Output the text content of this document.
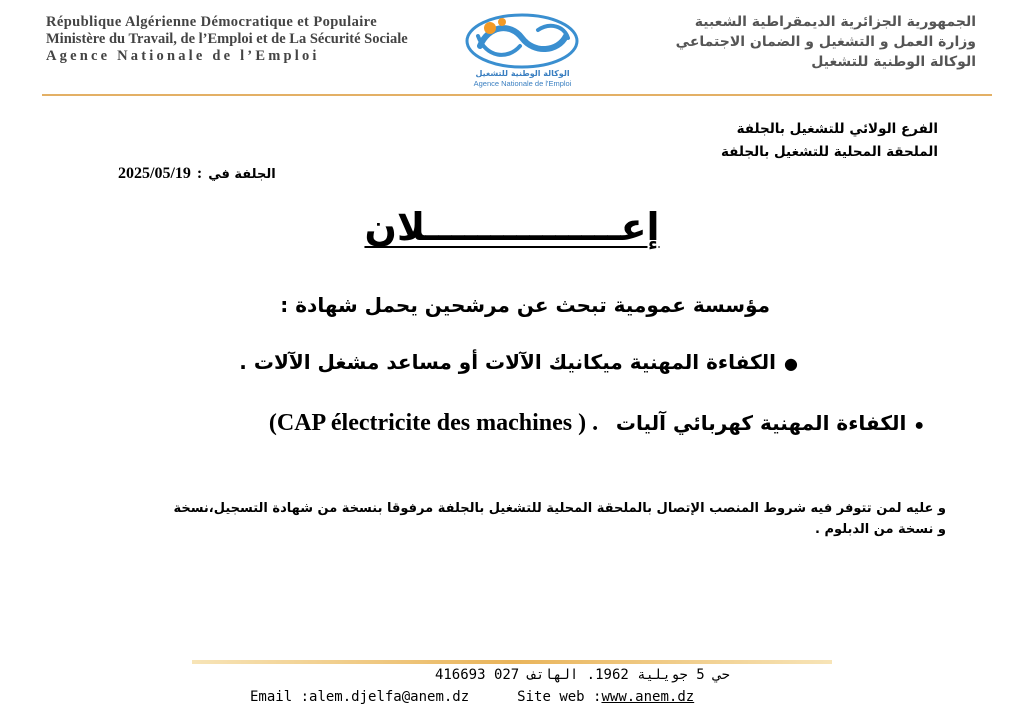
République Algérienne Démocratique et Populaire
Ministère du Travail, de l’Emploi et de La Sécurité Sociale
Agence Nationale de l’Emploi
الوكالة الوطنية للتشغيل
Agence Nationale de l'Emploi
الجمهورية الجزائرية الديمقراطية الشعبية
وزارة العمل و التشغيل و الضمان الاجتماعي
الوكالة الوطنية للتشغيل
الفرع الولائي للتشغيل بالجلفة
الملحقة المحلية للتشغيل بالجلفة
2025/05/19 : الجلفة في
إعـــــــــــــــلان
مؤسسة عمومية تبحث عن مرشحين يحمل شهادة :
●الكفاءة المهنية ميكانيك الآلات أو مساعد مشغل الآلات .
●الكفاءة المهنية كهربائي آليات    (CAP électricite des machines ) .
و عليه لمن تتوفر فيه شروط المنصب الإتصال بالملحقة المحلية للتشغيل بالجلفة مرفوقا بنسخة من شهادة التسجيل،نسخة
و نسخة من الدبلوم .
حي 5 جويلية 1962. الهاتف 027 416693
Email :alem.djelfa@anem.dz	Site web :www.anem.dz
